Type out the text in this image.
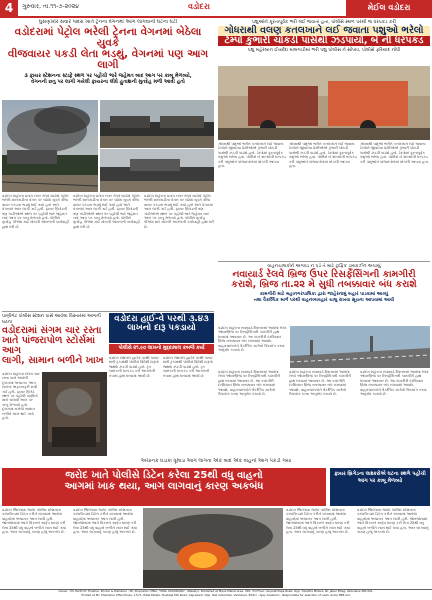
4	ગુરુવાર, તા.૧૧-૭-૨૦૨૪	વડોદરા	મેઈલ વડોદરા
ઘુસણખોર સવારે પાદરા ખાતે ટ્રેનના વેગનમાં આગ લાગવાની ઘટના ઘટી
વડોદરામાં પેટ્રોલ ભરેલી ટ્રેનના વેગનમાં બેઠેલા યુવકે
વીજવાયર પકડી લેતા ભડથું, વેગનમાં પણ આગ લાગી
૩ ફાયર સ્ટેશનના સ્ટાફે સ્થળ પર પહોંચી ભારે જહેમત બાદ આગ પર કાબૂ મેળવ્યો,
વેગનની છતુ પર લાગી ગયેલી ફાયરના લીધે હુતાશની મુતદેહ મળી આવી હતો
વડોદરા શહેરના પ્રતાપ નગર રેલવે યાર્ડમાં પેટ્રોલ ભરેલી માલગાડીના વેગન પર ચઢેલા યુવકે વીજ વાયર પકડતા ભડથું થઈ ગયો હતો અને વેગનમાં આગ લાગી ગઈ હતી. ફાયર બ્રિગેડની ત્રણ ગાડીઓએ સ્થળ પર પહોંચી ભારે જહેમત બાદ આગ પર કાબૂ મેળવ્યો હતો. પોલીસે મૃતદેહ પીએમ માટે મોકલી આગળની કાર્યવાહી હાથ ધરી છે.
વડોદરા શહેરના પ્રતાપ નગર રેલવે યાર્ડમાં પેટ્રોલ ભરેલી માલગાડીના વેગન પર ચઢેલા યુવકે વીજ વાયર પકડતા ભડથું થઈ ગયો હતો અને વેગનમાં આગ લાગી ગઈ હતી. ફાયર બ્રિગેડની ત્રણ ગાડીઓએ સ્થળ પર પહોંચી ભારે જહેમત બાદ આગ પર કાબૂ મેળવ્યો હતો. પોલીસે મૃતદેહ પીએમ માટે મોકલી આગળની કાર્યવાહી હાથ ધરી છે.
વડોદરા શહેરના પ્રતાપ નગર રેલવે યાર્ડમાં પેટ્રોલ ભરેલી માલગાડીના વેગન પર ચઢેલા યુવકે વીજ વાયર પકડતા ભડથું થઈ ગયો હતો અને વેગનમાં આગ લાગી ગઈ હતી. ફાયર બ્રિગેડની ત્રણ ગાડીઓએ સ્થળ પર પહોંચી ભારે જહેમત બાદ આગ પર કાબૂ મેળવ્યો હતો. પોલીસે મૃતદેહ પીએમ માટે મોકલી આગળની કાર્યવાહી હાથ ધરી છે.
પાણીગેટ પોલીસ સ્ટેશન પાસે આવેલા વિસ્તારમાં આગની ઘટના
વડોદરામાં સંગમ ચાર રસ્તા
ખાતે પાંજરાપોળ સ્ટોર્સમાં આગ
લાગી, સામાન બળીને ખાખ
વડોદરા શહેરના સંગમ ચાર રસ્તા પાસે આવેલી દુકાનમાં અચાનક આગ લાગતા અફરાતફરી મચી ગઈ હતી. ફાયર બ્રિગેડે સ્થળ પર પહોંચી પાણીનો મારો ચલાવી આગ પર કાબૂ મેળવ્યો હતો. દુકાનમાં રાખેલો સામાન બળીને ખાખ થઈ ગયો હતો.
વડોદરા હાઈ-વે પરથી ૩.૪૩
લાખનો દારૂ પકડાયો
પોલીસે ૨૧.૯૦ લાખનો મુદ્દામાલ કબજે કર્યો
વડોદરા નેશનલ હાઈવે પરથી પસાર થતી ટ્રકમાંથી પોલીસે વિદેશી દારૂનો જથ્થો ઝડપી પાડ્યો હતો. ટ્રક ચાલકની ધરપકડ કરી આગળની તપાસ હાથ ધરવામાં આવી છે.
વડોદરા નેશનલ હાઈવે પરથી પસાર થતી ટ્રકમાંથી પોલીસે વિદેશી દારૂનો જથ્થો ઝડપી પાડ્યો હતો. ટ્રક ચાલકની ધરપકડ કરી આગળની તપાસ હાથ ધરવામાં આવી છે.
પશુઓને ક્રૂરતાપૂર્વક ભરી લઈ જવાતાં હતા, પોલીસે સ્થળ પરથી જ ધરપકડ કરી
ગોધરાથી વલણ કતલખાને લઈ જવાતા પશુઓ ભરેલો
ટેમ્પો કુંભારી ચોકડી પાસેથી ઝડપાયો, બે ની ધરપકડ
પશુ મહેરબાન ઈર્ષ્યાદા માલગાડીમાં ભરી પશુ પોલીસ ને સોંપ્યા, પોલીસે ફરિયાદ નોંધી
ગોધરાથી પશુઓ ભરીને કતલખાને લઈ જવાતા ટેમ્પોને જીવદયા પ્રેમીઓએ કુંભારી ચોકડી પાસેથી ઝડપી પાડ્યો હતો. ટેમ્પોમાં ક્રૂરતાપૂર્વક પશુઓ ભરેલા હતા. પોલીસે બે શખ્સોની ધરપકડ કરી પશુઓને પાંજરાપોળમાં મોકલી આપ્યા હતા.
ગોધરાથી પશુઓ ભરીને કતલખાને લઈ જવાતા ટેમ્પોને જીવદયા પ્રેમીઓએ કુંભારી ચોકડી પાસેથી ઝડપી પાડ્યો હતો. ટેમ્પોમાં ક્રૂરતાપૂર્વક પશુઓ ભરેલા હતા. પોલીસે બે શખ્સોની ધરપકડ કરી પશુઓને પાંજરાપોળમાં મોકલી આપ્યા હતા.
ગોધરાથી પશુઓ ભરીને કતલખાને લઈ જવાતા ટેમ્પોને જીવદયા પ્રેમીઓએ કુંભારી ચોકડી પાસેથી ઝડપી પાડ્યો હતો. ટેમ્પોમાં ક્રૂરતાપૂર્વક પશુઓ ભરેલા હતા. પોલીસે બે શખ્સોની ધરપકડ કરી પશુઓને પાંજરાપોળમાં મોકલી આપ્યા હતા.
વાહનચાલકોને અગવડ ન પડે તે માટે ટ્રાફિક ડાયવર્ઝન અપાયું
નવાયાર્ડ રેલવે બ્રિજ ઉપર રિસર્ફેસિંગની કામગીરી
કરાશે, બ્રિજ તા.૨૨ મે સુધી તબક્કાવાર બંધ કરાશે
કામગીરી માટે મહાનગરપાલિકા દ્વારા જાહેરનામું બહાર પાડવામાં આવ્યું
તથા વૈકલ્પિક માર્ગ પરથી વાહનવ્યવહાર ચાલુ રાખવા સૂચના આપવામાં આવી
વડોદરા શહેરના નવાયાર્ડ વિસ્તારમાં આવેલા રેલવે ઓવરબ્રિજ પર રિસર્ફેસિંગની કામગીરી હાથ ધરવામાં આવનાર છે. આ કામગીરી દરમિયાન બ્રિજ તબક્કાવાર બંધ રાખવામાં આવશે. વાહનચાલકોને વૈકલ્પિક માર્ગનો ઉપયોગ કરવા અનુરોધ કરાયો છે.
વડોદરા શહેરના નવાયાર્ડ વિસ્તારમાં આવેલા રેલવે ઓવરબ્રિજ પર રિસર્ફેસિંગની કામગીરી હાથ ધરવામાં આવનાર છે. આ કામગીરી દરમિયાન બ્રિજ તબક્કાવાર બંધ રાખવામાં આવશે. વાહનચાલકોને વૈકલ્પિક માર્ગનો ઉપયોગ કરવા અનુરોધ કરાયો છે.
વડોદરા શહેરના નવાયાર્ડ વિસ્તારમાં આવેલા રેલવે ઓવરબ્રિજ પર રિસર્ફેસિંગની કામગીરી હાથ ધરવામાં આવનાર છે. આ કામગીરી દરમિયાન બ્રિજ તબક્કાવાર બંધ રાખવામાં આવશે. વાહનચાલકોને વૈકલ્પિક માર્ગનો ઉપયોગ કરવા અનુરોધ કરાયો છે.
વડોદરા શહેરના નવાયાર્ડ વિસ્તારમાં આવેલા રેલવે ઓવરબ્રિજ પર રિસર્ફેસિંગની કામગીરી હાથ ધરવામાં આવનાર છે. આ કામગીરી દરમિયાન બ્રિજ તબક્કાવાર બંધ રાખવામાં આવશે. વાહનચાલકોને વૈકલ્પિક માર્ગનો ઉપયોગ કરવા અનુરોધ કરાયો છે.
અચાનક ધડાકા ધૂમાડા આગ લાગતા એક બાદ એક વાહનો આગ પકડી ગયા
જરોદ ખાતે પોલીસે ડિટેન કરેલા 25થી વધુ વાહનો
આગમાં ખાક થયા, આગ લાગવાનું કારણ અકબંધ
ફાયર બ્રિગેડના લાશ્કરોએ ઘટના સ્થળે પહોંચી આગ પર કાબૂ મેળવ્યો
વડોદરા જિલ્લાના જરોદ પોલીસ સ્ટેશનના કમ્પાઉન્ડમાં ડિટેન કરીને રાખવામાં આવેલા વાહનોમાં અચાનક આગ લાગી હતી. જોતજોતામાં આગે વિકરાળ સ્વરૂપ ધારણ કરી લેતા 25થી વધુ વાહનો બળીને ખાખ થઈ ગયા હતા. આગ લાગવાનું કારણ હજુ અકબંધ છે.
વડોદરા જિલ્લાના જરોદ પોલીસ સ્ટેશનના કમ્પાઉન્ડમાં ડિટેન કરીને રાખવામાં આવેલા વાહનોમાં અચાનક આગ લાગી હતી. જોતજોતામાં આગે વિકરાળ સ્વરૂપ ધારણ કરી લેતા 25થી વધુ વાહનો બળીને ખાખ થઈ ગયા હતા. આગ લાગવાનું કારણ હજુ અકબંધ છે.
વડોદરા જિલ્લાના જરોદ પોલીસ સ્ટેશનના કમ્પાઉન્ડમાં ડિટેન કરીને રાખવામાં આવેલા વાહનોમાં અચાનક આગ લાગી હતી. જોતજોતામાં આગે વિકરાળ સ્વરૂપ ધારણ કરી લેતા 25થી વધુ વાહનો બળીને ખાખ થઈ ગયા હતા. આગ લાગવાનું કારણ હજુ અકબંધ છે.
વડોદરા જિલ્લાના જરોદ પોલીસ સ્ટેશનના કમ્પાઉન્ડમાં ડિટેન કરીને રાખવામાં આવેલા વાહનોમાં અચાનક આગ લાગી હતી. જોતજોતામાં આગે વિકરાળ સ્વરૂપ ધારણ કરી લેતા 25થી વધુ વાહનો બળીને ખાખ થઈ ગયા હતા. આગ લાગવાનું કારણ હજુ અકબંધ છે.
Owner : Mr. Parth M. Thakkar, Printer & Publisher : Mr. Shamsher Uffari, "MAIL VADODARA", (Weekly), Published at Mane Mahal Area, 305, 3rd Floor, Gujarat Papa Road, Opp. Tulsidha Moters, Nr. Jaber Bhag, Vadodara-390 001.
Printed at Mr. Shamsher Uffari Press, 17/71, Patel Estate, Tandalja Mill Road, Gajrawadi, Opp. Rail Industries, Vadodara. Editor : Ajay Goswami - Responsible for selection of news under PRB Act.
